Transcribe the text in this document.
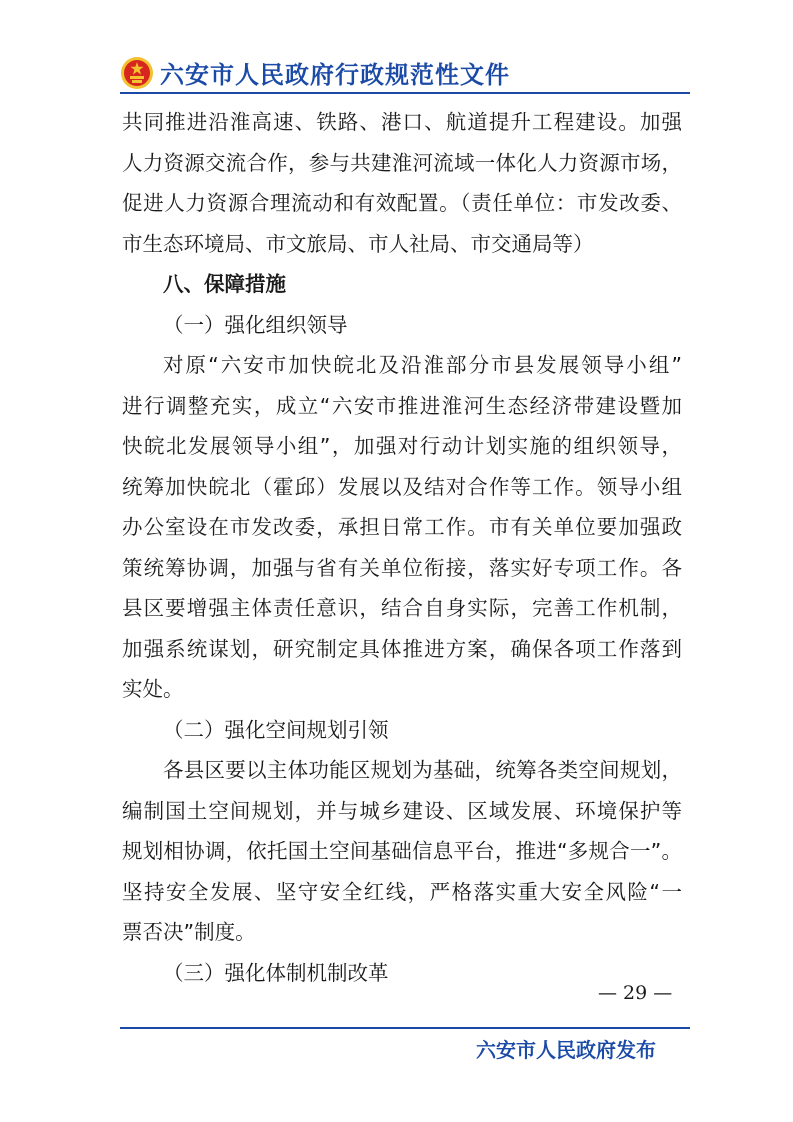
六安市人民政府行政规范性文件
共同推进沿淮高速、铁路、港口、航道提升工程建设。加强
人力资源交流合作，参与共建淮河流域一体化人力资源市场，
促进人力资源合理流动和有效配置。（责任单位：市发改委、
市生态环境局、市文旅局、市人社局、市交通局等）
八、保障措施
（一）强化组织领导
对原“六安市加快皖北及沿淮部分市县发展领导小组”
进行调整充实，成立“六安市推进淮河生态经济带建设暨加
快皖北发展领导小组”，加强对行动计划实施的组织领导，
统筹加快皖北（霍邱）发展以及结对合作等工作。领导小组
办公室设在市发改委，承担日常工作。市有关单位要加强政
策统筹协调，加强与省有关单位衔接，落实好专项工作。各
县区要增强主体责任意识，结合自身实际，完善工作机制，
加强系统谋划，研究制定具体推进方案，确保各项工作落到
实处。
（二）强化空间规划引领
各县区要以主体功能区规划为基础，统筹各类空间规划，
编制国土空间规划，并与城乡建设、区域发展、环境保护等
规划相协调，依托国土空间基础信息平台，推进“多规合一”。
坚持安全发展、坚守安全红线，严格落实重大安全风险“一
票否决”制度。
（三）强化体制机制改革
— 29 —
六安市人民政府发布
